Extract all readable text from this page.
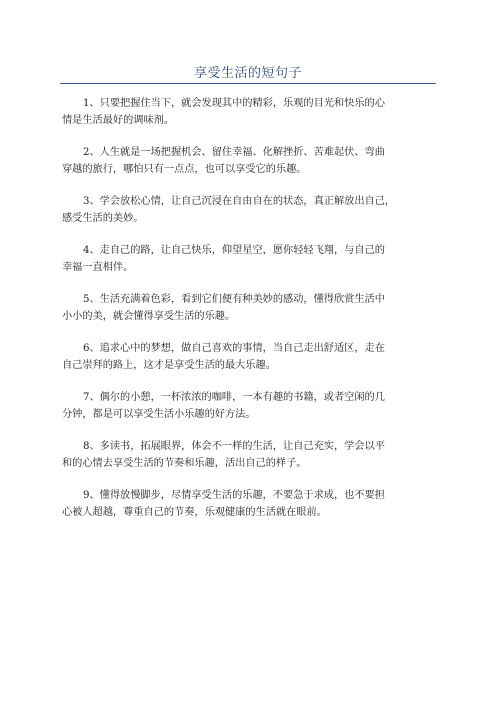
享受生活的短句子

1、只要把握住当下，就会发现其中的精彩，乐观的目光和快乐的心
情是生活最好的调味剂。

2、人生就是一场把握机会、留住幸福、化解挫折、苦难起伏、弯曲
穿越的旅行，哪怕只有一点点，也可以享受它的乐趣。

3、学会放松心情，让自己沉浸在自由自在的状态，真正解放出自己，
感受生活的美妙。

4、走自己的路，让自己快乐，仰望星空，愿你轻轻飞翔，与自己的
幸福一直相伴。

5、生活充满着色彩，看到它们便有种美妙的感动，懂得欣赏生活中
小小的美，就会懂得享受生活的乐趣。

6、追求心中的梦想，做自己喜欢的事情，当自己走出舒适区，走在
自己崇拜的路上，这才是享受生活的最大乐趣。

7、偶尔的小憩，一杯浓浓的咖啡，一本有趣的书籍，或者空闲的几
分钟，都是可以享受生活小乐趣的好方法。

8、多读书，拓展眼界，体会不一样的生活，让自己充实，学会以平
和的心情去享受生活的节奏和乐趣，活出自己的样子。

9、懂得放慢脚步，尽情享受生活的乐趣，不要急于求成，也不要担
心被人超越，尊重自己的节奏，乐观健康的生活就在眼前。
